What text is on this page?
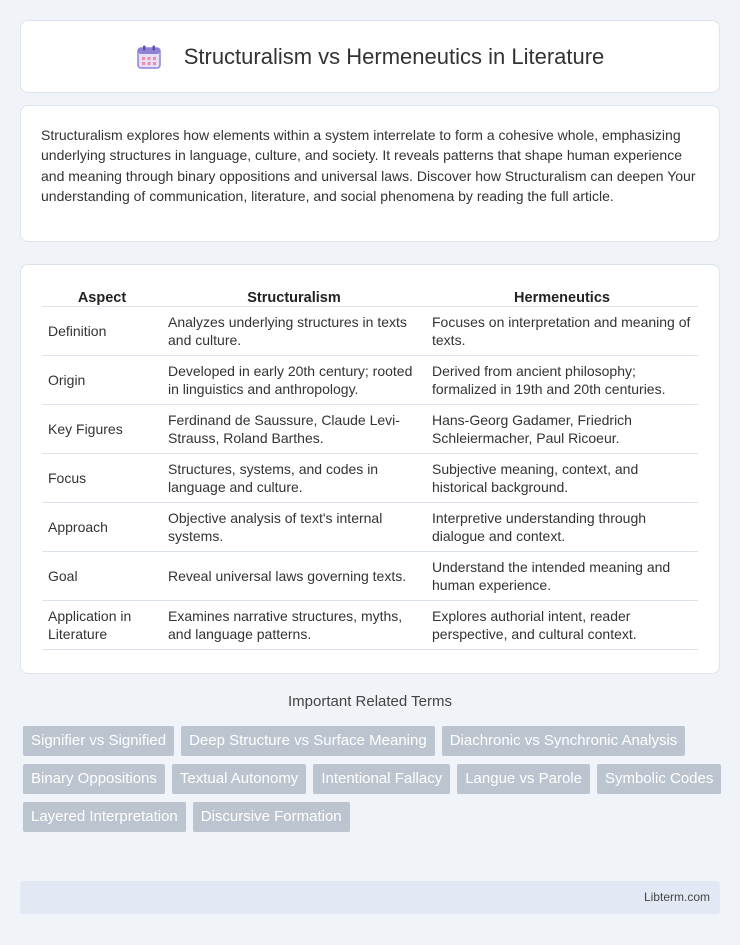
Structuralism vs Hermeneutics in Literature

Structuralism explores how elements within a system interrelate to form a cohesive whole, emphasizing underlying structures in language, culture, and society. It reveals patterns that shape human experience and meaning through binary oppositions and universal laws. Discover how Structuralism can deepen Your understanding of communication, literature, and social phenomena by reading the full article.

Aspect	Structuralism	Hermeneutics
Definition	Analyzes underlying structures in texts and culture.	Focuses on interpretation and meaning of texts.
Origin	Developed in early 20th century; rooted in linguistics and anthropology.	Derived from ancient philosophy; formalized in 19th and 20th centuries.
Key Figures	Ferdinand de Saussure, Claude Levi-Strauss, Roland Barthes.	Hans-Georg Gadamer, Friedrich Schleiermacher, Paul Ricoeur.
Focus	Structures, systems, and codes in language and culture.	Subjective meaning, context, and historical background.
Approach	Objective analysis of text's internal systems.	Interpretive understanding through dialogue and context.
Goal	Reveal universal laws governing texts.	Understand the intended meaning and human experience.
Application in Literature	Examines narrative structures, myths, and language patterns.	Explores authorial intent, reader perspective, and cultural context.
Important Related Terms
Signifier vs Signified	Deep Structure vs Surface Meaning	Diachronic vs Synchronic Analysis
Binary Oppositions	Textual Autonomy	Intentional Fallacy	Langue vs Parole	Symbolic Codes
Layered Interpretation	Discursive Formation
Libterm.com
